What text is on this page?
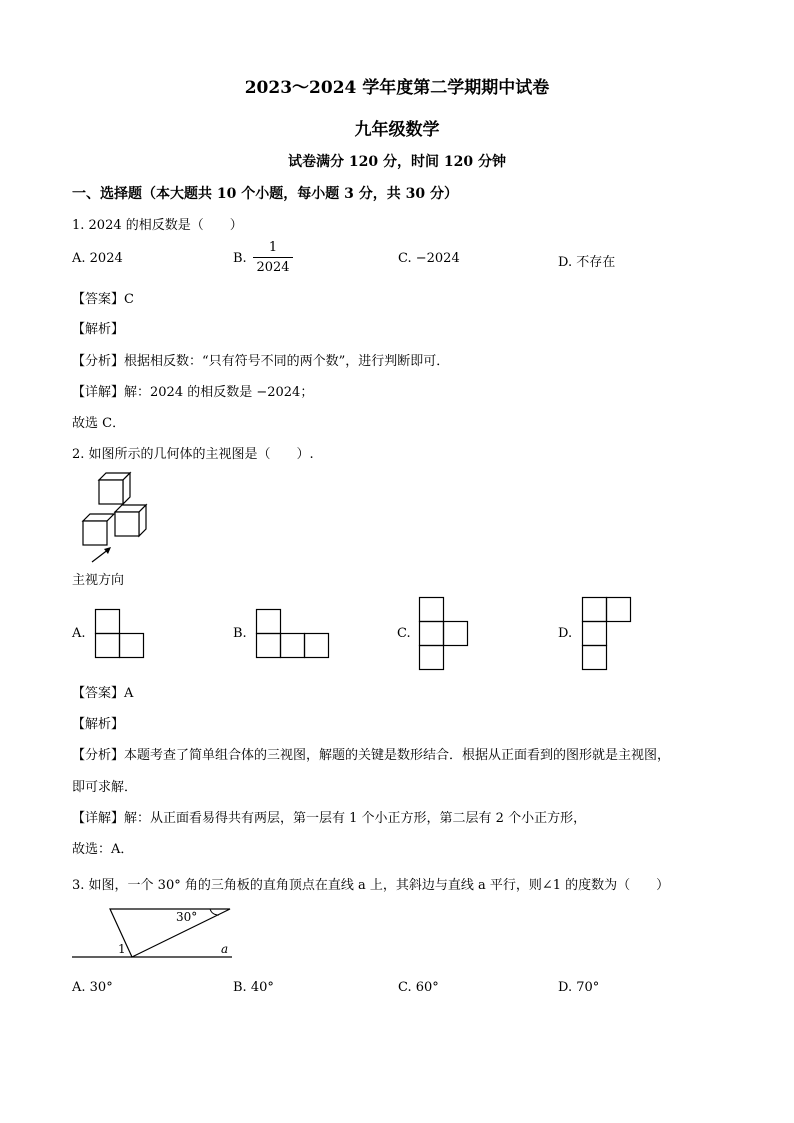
2023～2024 学年度第二学期期中试卷
九年级数学
试卷满分 120 分，时间 120 分钟
一、选择题（本大题共 10 个小题，每小题 3 分，共 30 分）
1. 2024 的相反数是（　　）
A. 2024	B.
1
2024
C. −2024	D. 不存在
【答案】C
【解析】
【分析】根据相反数：“只有符号不同的两个数”，进行判断即可．
【详解】解：2024 的相反数是 −2024；
故选 C．
2. 如图所示的几何体的主视图是（　　）.
主视方向
A.	B.	C.	D.
【答案】A
【解析】
【分析】本题考查了简单组合体的三视图，解题的关键是数形结合．根据从正面看到的图形就是主视图，
即可求解．
【详解】解：从正面看易得共有两层，第一层有 1 个小正方形，第二层有 2 个小正方形，
故选：A．
3. 如图，一个 30° 角的三角板的直角顶点在直线 a 上，其斜边与直线 a 平行，则∠1 的度数为（　　）
30°
1	a
A. 30°	B. 40°	C. 60°	D. 70°
